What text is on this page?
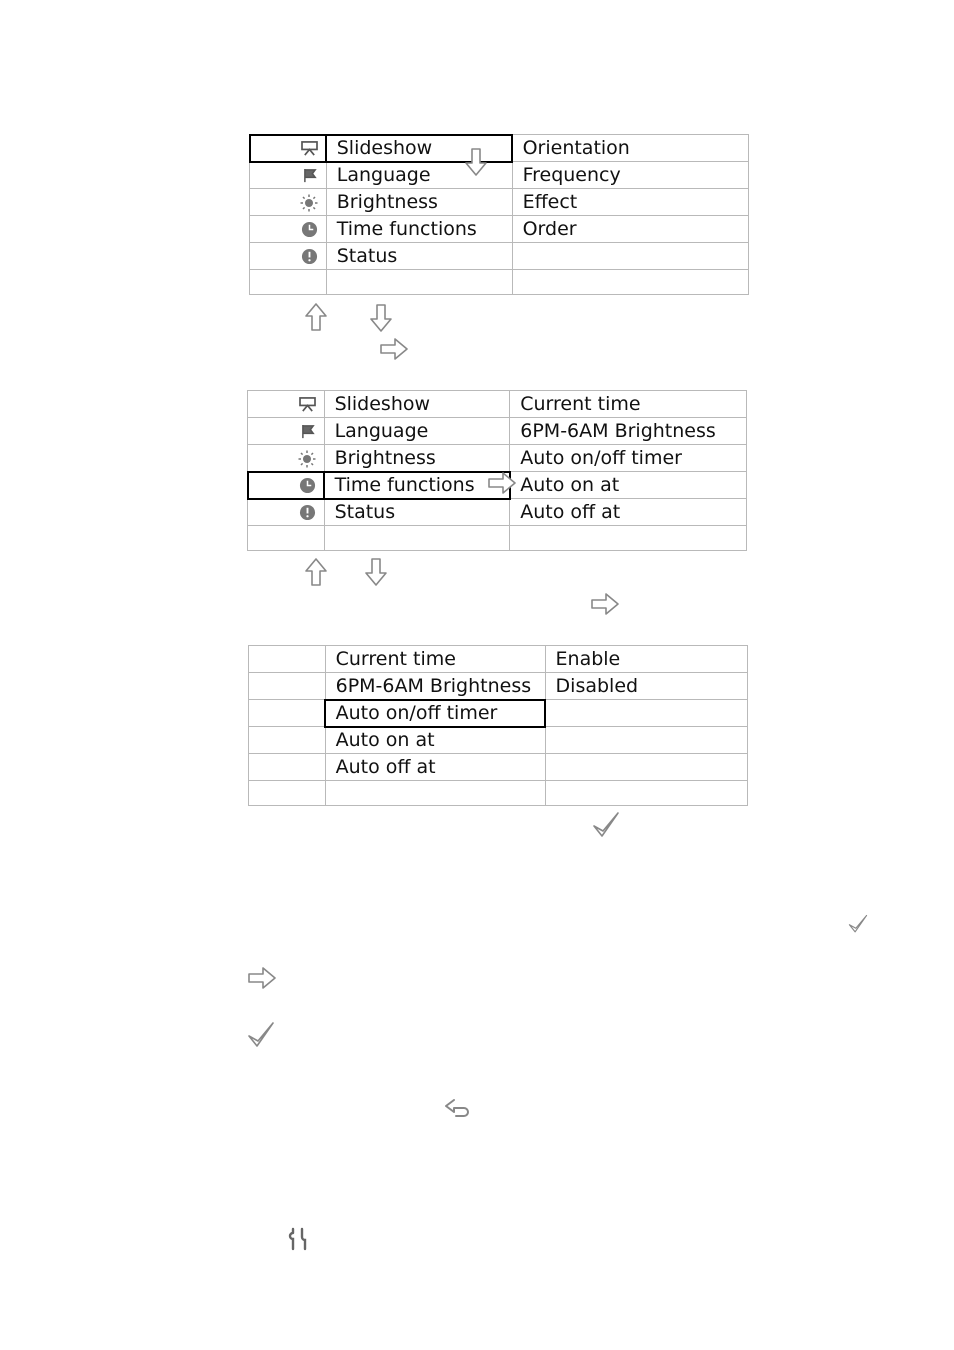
	Slideshow	Orientation
	Language	Frequency
	Brightness	Effect
	Time functions	Order
	Status	

	Slideshow	Current time
	Language	6PM-6AM Brightness
	Brightness	Auto on/off timer
	Time functions	Auto on at
	Status	Auto off at

	Current time	Enable
	6PM-6AM Brightness	Disabled
	Auto on/off timer	
	Auto on at	
	Auto off at	
